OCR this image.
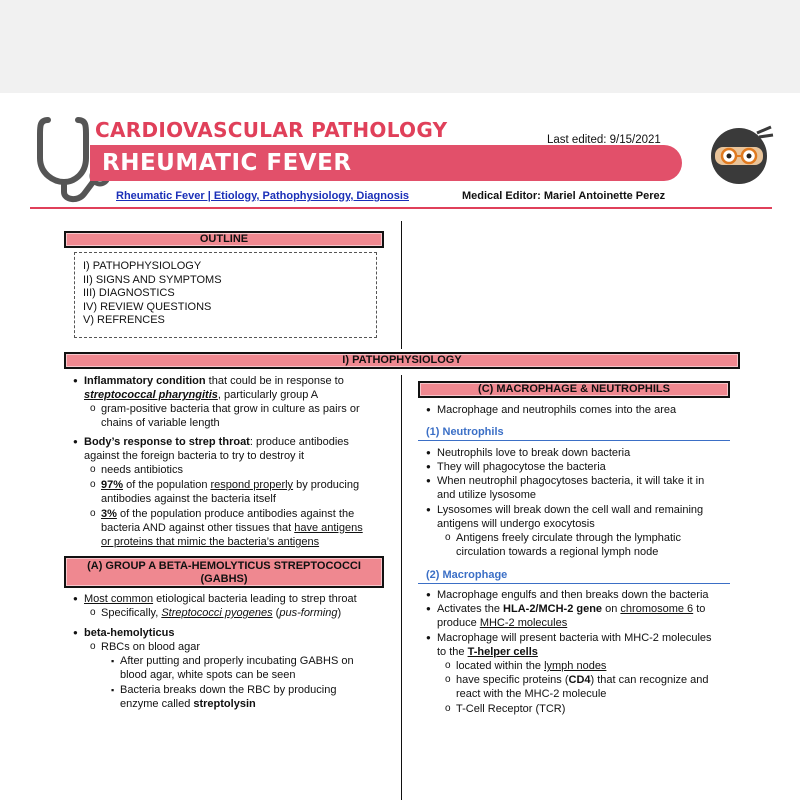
CARDIOVASCULAR PATHOLOGY
RHEUMATIC FEVER
Last edited: 9/15/2021
Rheumatic Fever | Etiology, Pathophysiology, Diagnosis	Medical Editor: Mariel Antoinette Perez
OUTLINE
I) PATHOPHYSIOLOGY
II) SIGNS AND SYMPTOMS
III) DIAGNOSTICS
IV) REVIEW QUESTIONS
V) REFRENCES
I) PATHOPHYSIOLOGY
● Inflammatory condition that could be in response to
streptococcal pharyngitis, particularly group A
o gram-positive bacteria that grow in culture as pairs or
chains of variable length
● Body’s response to strep throat: produce antibodies
against the foreign bacteria to try to destroy it
o needs antibiotics
o 97% of the population respond properly by producing
antibodies against the bacteria itself
o 3% of the population produce antibodies against the
bacteria AND against other tissues that have antigens
or proteins that mimic the bacteria’s antigens
(A) GROUP A BETA-HEMOLYTICUS STREPTOCOCCI
(GABHS)
● Most common etiological bacteria leading to strep throat
o Specifically, Streptococci pyogenes (pus-forming)
● beta-hemolyticus
o RBCs on blood agar
▪ After putting and properly incubating GABHS on
blood agar, white spots can be seen
▪ Bacteria breaks down the RBC by producing
enzyme called streptolysin
(C) MACROPHAGE & NEUTROPHILS
● Macrophage and neutrophils comes into the area
(1) Neutrophils
● Neutrophils love to break down bacteria
● They will phagocytose the bacteria
● When neutrophil phagocytoses bacteria, it will take it in
and utilize lysosome
● Lysosomes will break down the cell wall and remaining
antigens will undergo exocytosis
o Antigens freely circulate through the lymphatic
circulation towards a regional lymph node
(2) Macrophage
● Macrophage engulfs and then breaks down the bacteria
● Activates the HLA-2/MCH-2 gene on chromosome 6 to
produce MHC-2 molecules
● Macrophage will present bacteria with MHC-2 molecules
to the T-helper cells
o located within the lymph nodes
o have specific proteins (CD4) that can recognize and
react with the MHC-2 molecule
o T-Cell Receptor (TCR)
